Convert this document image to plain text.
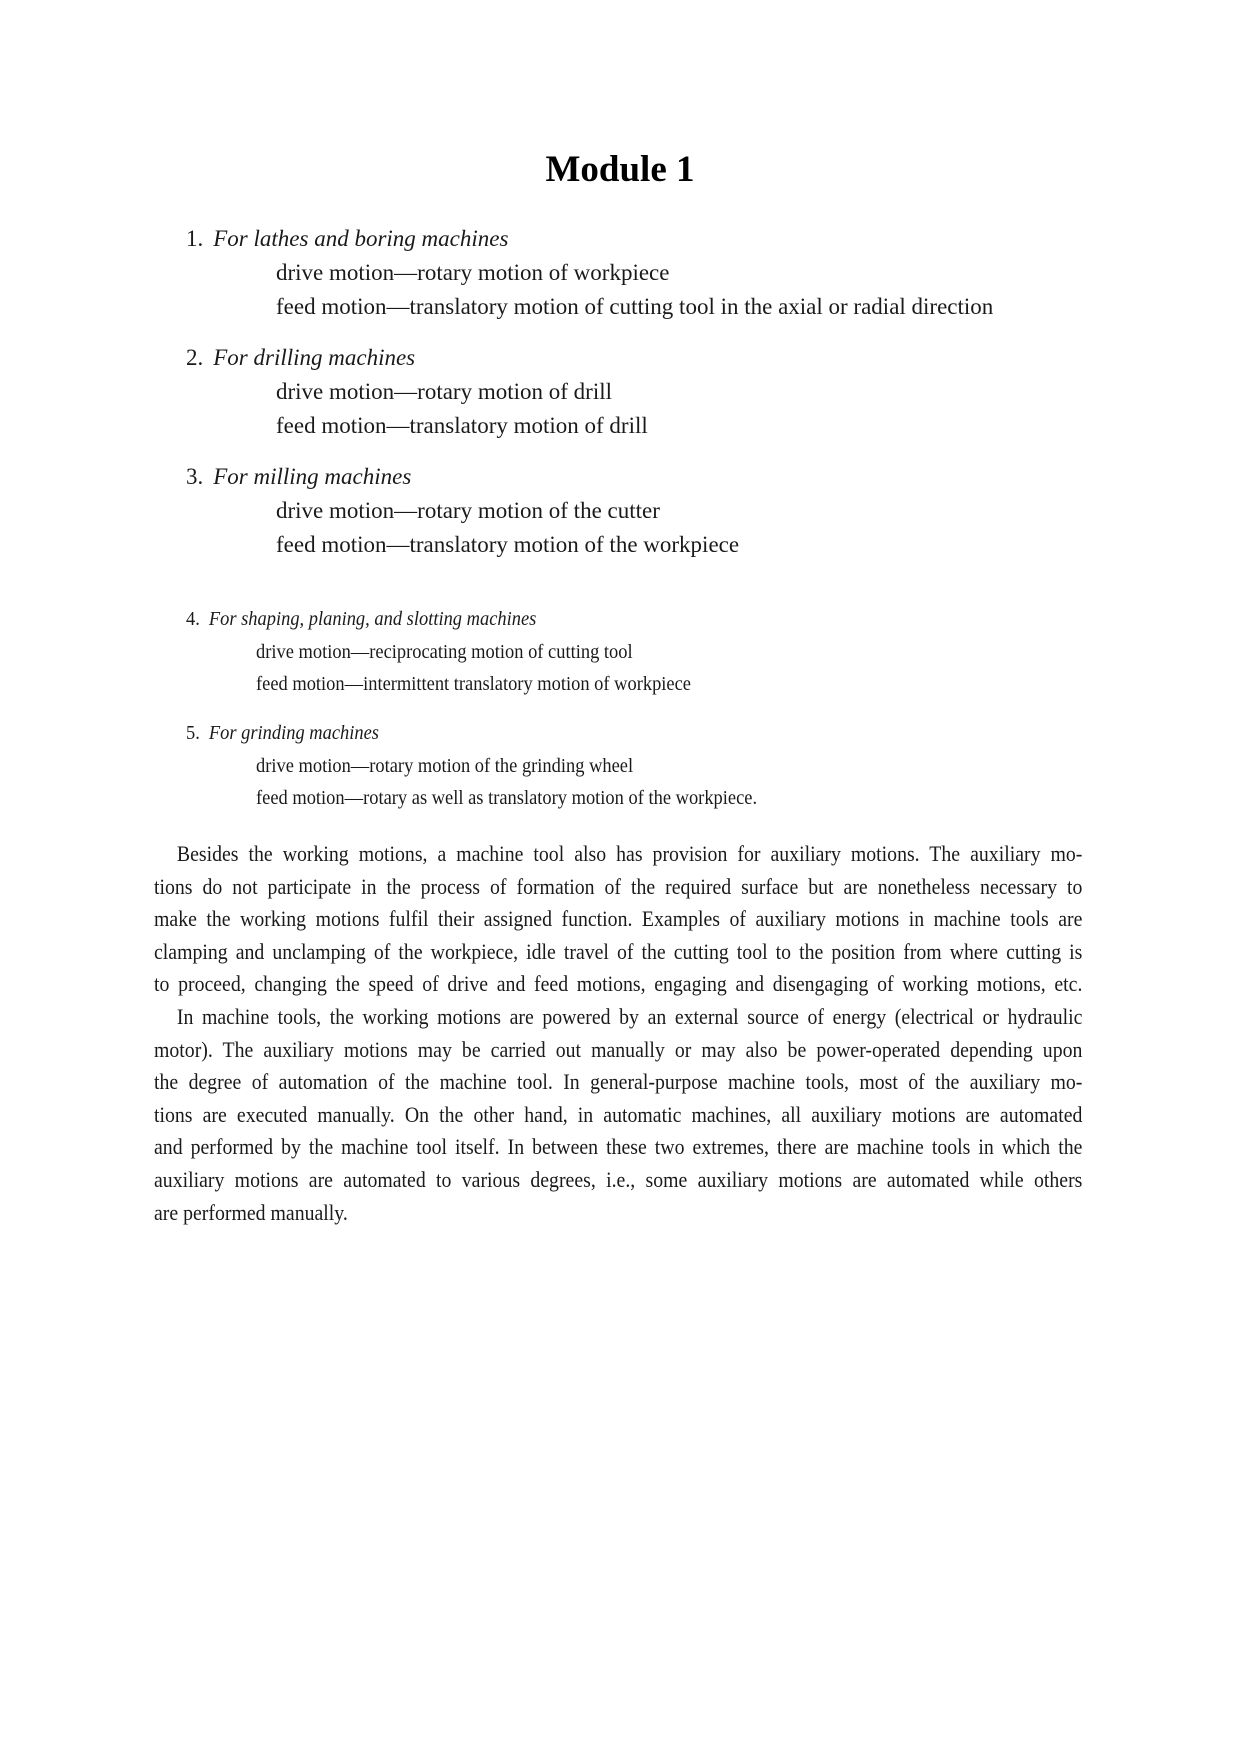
Module 1
1. For lathes and boring machines
drive motion—rotary motion of workpiece
feed motion—translatory motion of cutting tool in the axial or radial direction
2. For drilling machines
drive motion—rotary motion of drill
feed motion—translatory motion of drill
3. For milling machines
drive motion—rotary motion of the cutter
feed motion—translatory motion of the workpiece
4. For shaping, planing, and slotting machines
drive motion—reciprocating motion of cutting tool
feed motion—intermittent translatory motion of workpiece
5. For grinding machines
drive motion—rotary motion of the grinding wheel
feed motion—rotary as well as translatory motion of the workpiece.
Besides the working motions, a machine tool also has provision for auxiliary motions. The auxiliary mo-
tions do not participate in the process of formation of the required surface but are nonetheless necessary to
make the working motions fulfil their assigned function. Examples of auxiliary motions in machine tools are
clamping and unclamping of the workpiece, idle travel of the cutting tool to the position from where cutting is
to proceed, changing the speed of drive and feed motions, engaging and disengaging of working motions, etc.
In machine tools, the working motions are powered by an external source of energy (electrical or hydraulic
motor). The auxiliary motions may be carried out manually or may also be power-operated depending upon
the degree of automation of the machine tool. In general-purpose machine tools, most of the auxiliary mo-
tions are executed manually. On the other hand, in automatic machines, all auxiliary motions are automated
and performed by the machine tool itself. In between these two extremes, there are machine tools in which the
auxiliary motions are automated to various degrees, i.e., some auxiliary motions are automated while others
are performed manually.
